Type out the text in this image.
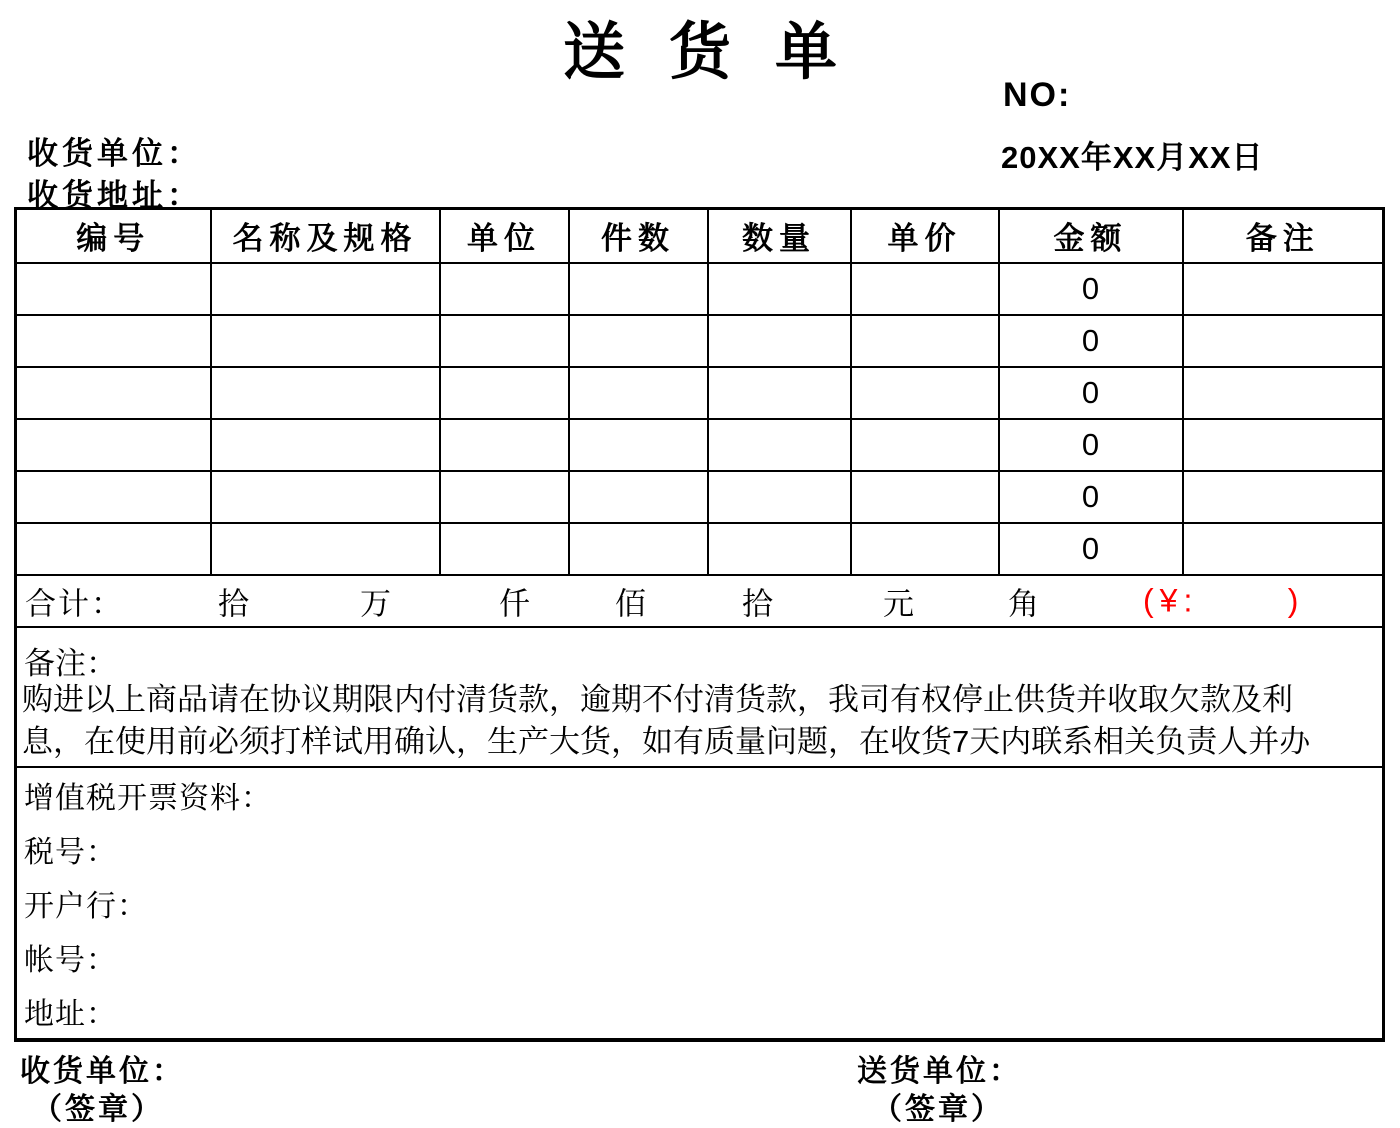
送货单
NO:
20XX年XX月XX日
收货单位：
收货地址：
编号	名称及规格	单位	件数	数量	单价	金额	备注
						0	
						0	
						0	
						0	
						0	
						0	

合计：	拾	万	仟	佰	拾	元	角	(¥:      )

备注：
购进以上商品请在协议期限内付清货款，逾期不付清货款，我司有权停止供货并收取欠款及利
息，在使用前必须打样试用确认，生产大货，如有质量问题，在收货7天内联系相关负责人并办							

增值税开票资料：
税号：
开户行：
帐号：
地址：							
收货单位：
（签章）
送货单位：
（签章）
